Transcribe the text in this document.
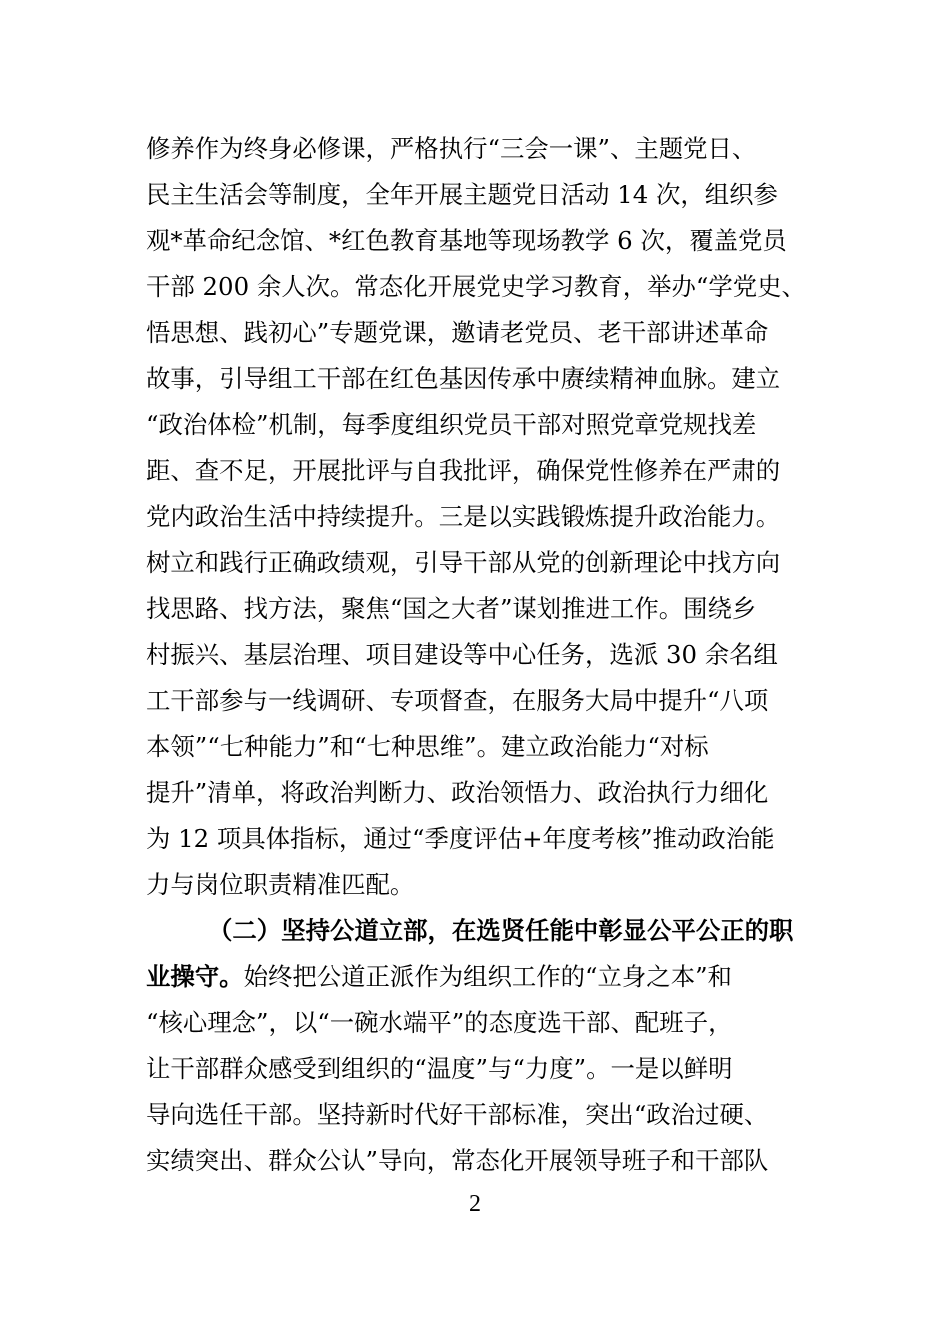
修养作为终身必修课，严格执行“三会一课”、主题党日、
民主生活会等制度，全年开展主题党日活动 14 次，组织参
观*革命纪念馆、*红色教育基地等现场教学 6 次，覆盖党员
干部 200 余人次。常态化开展党史学习教育，举办“学党史、
悟思想、践初心”专题党课，邀请老党员、老干部讲述革命
故事，引导组工干部在红色基因传承中赓续精神血脉。建立
“政治体检”机制，每季度组织党员干部对照党章党规找差
距、查不足，开展批评与自我批评，确保党性修养在严肃的
党内政治生活中持续提升。三是以实践锻炼提升政治能力。
树立和践行正确政绩观，引导干部从党的创新理论中找方向
找思路、找方法，聚焦“国之大者”谋划推进工作。围绕乡
村振兴、基层治理、项目建设等中心任务，选派 30 余名组
工干部参与一线调研、专项督查，在服务大局中提升“八项
本领”“七种能力”和“七种思维”。建立政治能力“对标
提升”清单，将政治判断力、政治领悟力、政治执行力细化
为 12 项具体指标，通过“季度评估+年度考核”推动政治能
力与岗位职责精准匹配。
（二）坚持公道立部，在选贤任能中彰显公平公正的职
业操守。始终把公道正派作为组织工作的“立身之本”和
“核心理念”，以“一碗水端平”的态度选干部、配班子，
让干部群众感受到组织的“温度”与“力度”。一是以鲜明
导向选任干部。坚持新时代好干部标准，突出“政治过硬、
实绩突出、群众公认”导向，常态化开展领导班子和干部队
2
